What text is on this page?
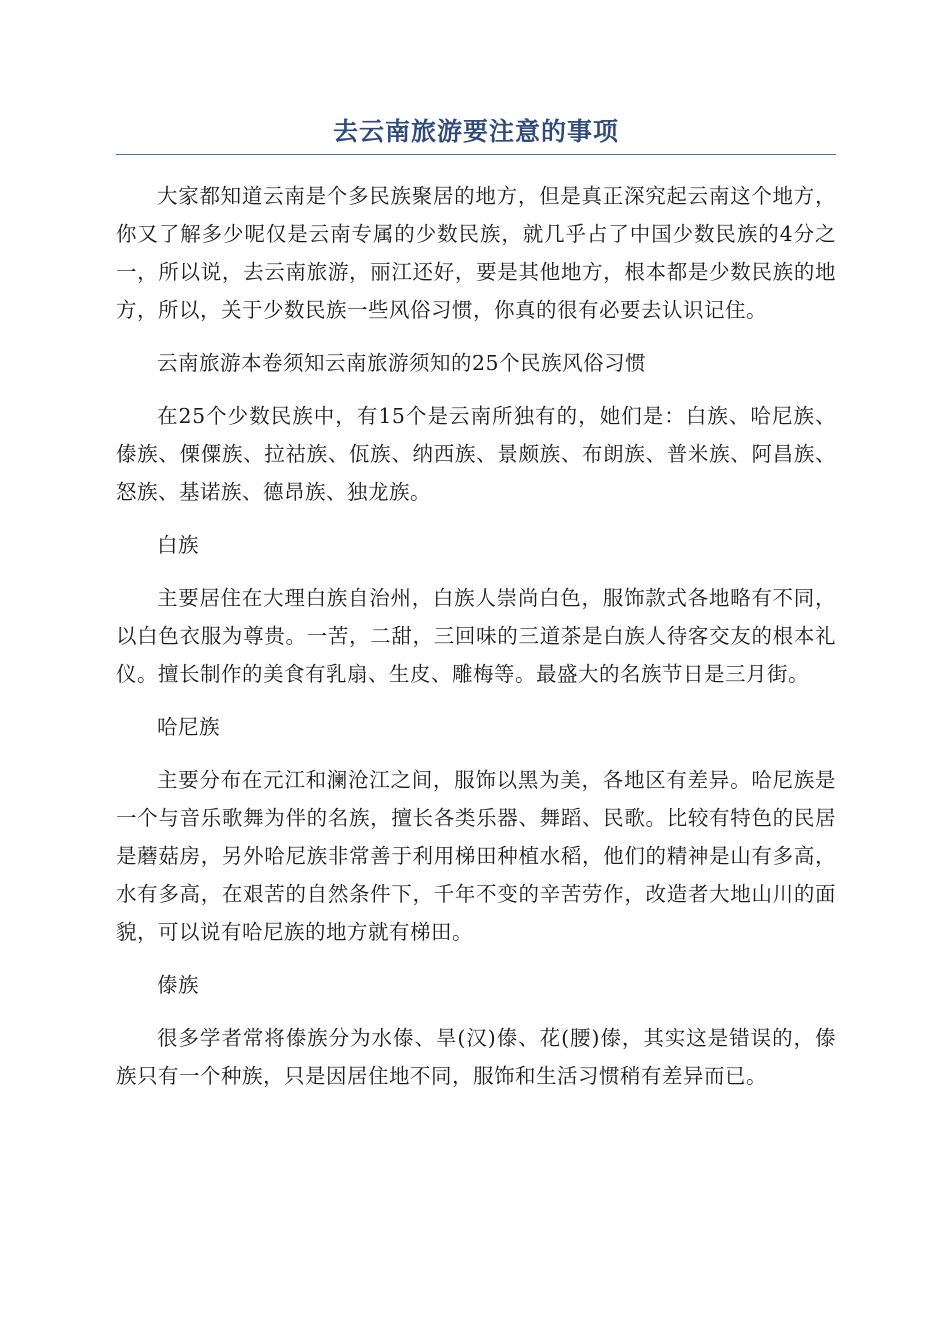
去云南旅游要注意的事项

大家都知道云南是个多民族聚居的地方，但是真正深究起云南这个地方，你又了解多少呢仅是云南专属的少数民族，就几乎占了中国少数民族的4分之一，所以说，去云南旅游，丽江还好，要是其他地方，根本都是少数民族的地方，所以，关于少数民族一些风俗习惯，你真的很有必要去认识记住。

云南旅游本卷须知云南旅游须知的25个民族风俗习惯

在25个少数民族中，有15个是云南所独有的，她们是：白族、哈尼族、傣族、傈僳族、拉祜族、佤族、纳西族、景颇族、布朗族、普米族、阿昌族、怒族、基诺族、德昂族、独龙族。

白族

主要居住在大理白族自治州，白族人崇尚白色，服饰款式各地略有不同，以白色衣服为尊贵。一苦，二甜，三回味的三道茶是白族人待客交友的根本礼仪。擅长制作的美食有乳扇、生皮、雕梅等。最盛大的名族节日是三月街。

哈尼族

主要分布在元江和澜沧江之间，服饰以黑为美，各地区有差异。哈尼族是一个与音乐歌舞为伴的名族，擅长各类乐器、舞蹈、民歌。比较有特色的民居是蘑菇房，另外哈尼族非常善于利用梯田种植水稻，他们的精神是山有多高，水有多高，在艰苦的自然条件下，千年不变的辛苦劳作，改造者大地山川的面貌，可以说有哈尼族的地方就有梯田。

傣族

很多学者常将傣族分为水傣、旱(汉)傣、花(腰)傣，其实这是错误的，傣族只有一个种族，只是因居住地不同，服饰和生活习惯稍有差异而已。
